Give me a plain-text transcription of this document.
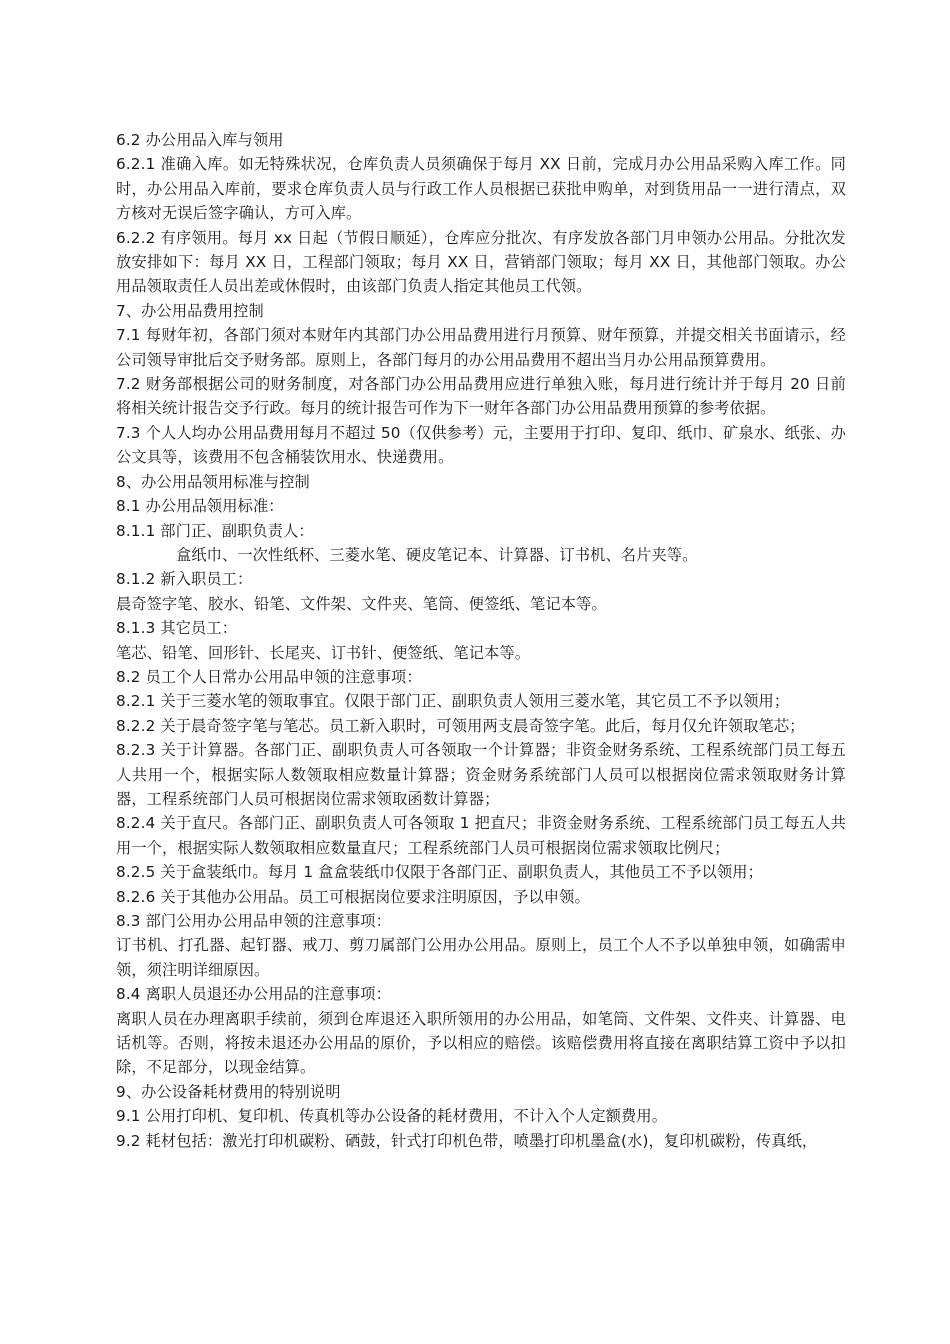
6.2 办公用品入库与领用
6.2.1 准确入库。如无特殊状况，仓库负责人员须确保于每月 XX 日前，完成月办公用品采购入库工作。同时，办公用品入库前，要求仓库负责人员与行政工作人员根据已获批申购单，对到货用品一一进行清点，双方核对无误后签字确认，方可入库。
6.2.2 有序领用。每月 xx 日起（节假日顺延），仓库应分批次、有序发放各部门月申领办公用品。分批次发放安排如下：每月 XX 日，工程部门领取；每月 XX 日，营销部门领取；每月 XX 日，其他部门领取。办公用品领取责任人员出差或休假时，由该部门负责人指定其他员工代领。
7、办公用品费用控制
7.1 每财年初，各部门须对本财年内其部门办公用品费用进行月预算、财年预算，并提交相关书面请示，经公司领导审批后交予财务部。原则上，各部门每月的办公用品费用不超出当月办公用品预算费用。
7.2 财务部根据公司的财务制度，对各部门办公用品费用应进行单独入账，每月进行统计并于每月 20 日前将相关统计报告交予行政。每月的统计报告可作为下一财年各部门办公用品费用预算的参考依据。
7.3 个人人均办公用品费用每月不超过 50（仅供参考）元，主要用于打印、复印、纸巾、矿泉水、纸张、办公文具等，该费用不包含桶装饮用水、快递费用。
8、办公用品领用标准与控制
8.1 办公用品领用标准：
8.1.1 部门正、副职负责人：
盒纸巾、一次性纸杯、三菱水笔、硬皮笔记本、计算器、订书机、名片夹等。
8.1.2 新入职员工：
晨奇签字笔、胶水、铅笔、文件架、文件夹、笔筒、便签纸、笔记本等。
8.1.3 其它员工：
笔芯、铅笔、回形针、长尾夹、订书针、便签纸、笔记本等。
8.2 员工个人日常办公用品申领的注意事项：
8.2.1 关于三菱水笔的领取事宜。仅限于部门正、副职负责人领用三菱水笔，其它员工不予以领用；
8.2.2 关于晨奇签字笔与笔芯。员工新入职时，可领用两支晨奇签字笔。此后，每月仅允许领取笔芯；
8.2.3 关于计算器。各部门正、副职负责人可各领取一个计算器；非资金财务系统、工程系统部门员工每五人共用一个，根据实际人数领取相应数量计算器；资金财务系统部门人员可以根据岗位需求领取财务计算器，工程系统部门人员可根据岗位需求领取函数计算器；
8.2.4 关于直尺。各部门正、副职负责人可各领取 1 把直尺；非资金财务系统、工程系统部门员工每五人共用一个，根据实际人数领取相应数量直尺；工程系统部门人员可根据岗位需求领取比例尺；
8.2.5 关于盒装纸巾。每月 1 盒盒装纸巾仅限于各部门正、副职负责人，其他员工不予以领用；
8.2.6 关于其他办公用品。员工可根据岗位要求注明原因，予以申领。
8.3 部门公用办公用品申领的注意事项：
订书机、打孔器、起钉器、戒刀、剪刀属部门公用办公用品。原则上，员工个人不予以单独申领，如确需申领，须注明详细原因。
8.4 离职人员退还办公用品的注意事项：
离职人员在办理离职手续前，须到仓库退还入职所领用的办公用品，如笔筒、文件架、文件夹、计算器、电话机等。否则，将按未退还办公用品的原价，予以相应的赔偿。该赔偿费用将直接在离职结算工资中予以扣除，不足部分，以现金结算。
9、办公设备耗材费用的特别说明
9.1 公用打印机、复印机、传真机等办公设备的耗材费用，不计入个人定额费用。
9.2 耗材包括：激光打印机碳粉、硒鼓，针式打印机色带，喷墨打印机墨盒(水)，复印机碳粉，传真纸，
